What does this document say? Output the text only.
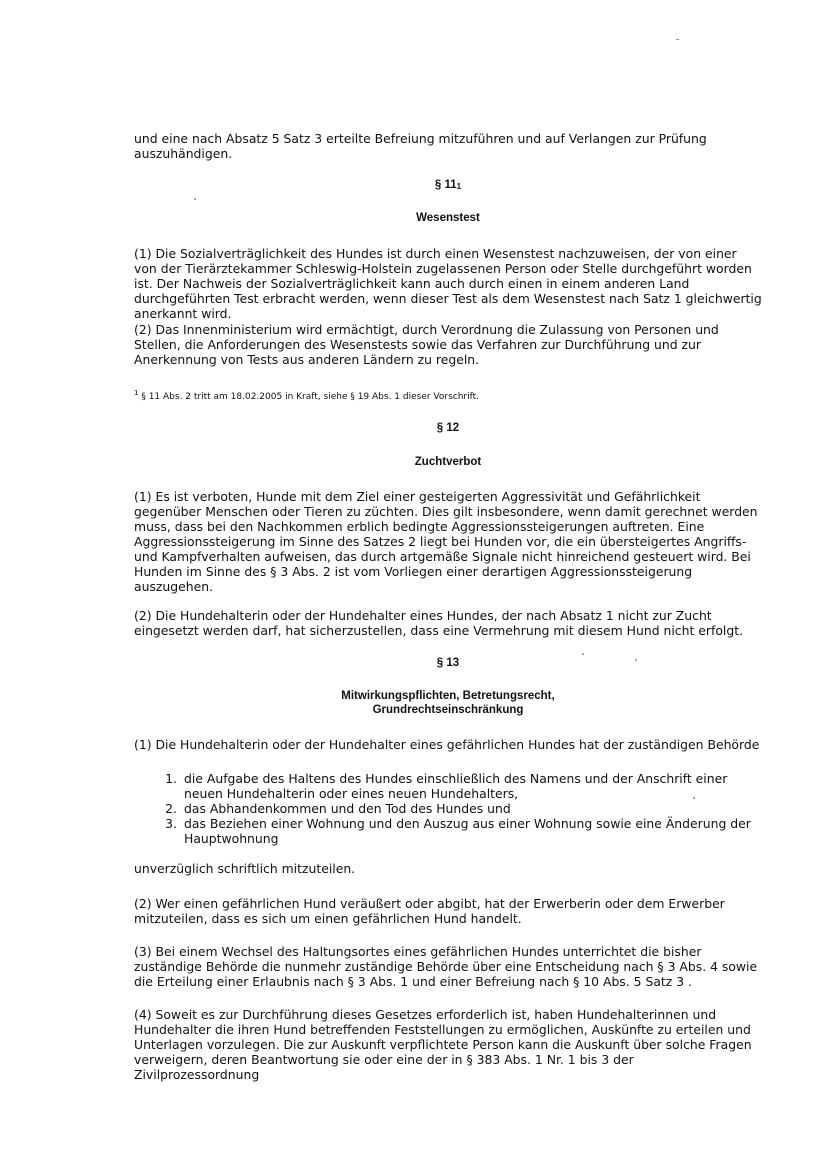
und eine nach Absatz 5 Satz 3 erteilte Befreiung mitzuführen und auf Verlangen zur Prüfung auszuhändigen.

§ 111
Wesenstest

(1) Die Sozialverträglichkeit des Hundes ist durch einen Wesenstest nachzuweisen, der von einer von der Tierärztekammer Schleswig-Holstein zugelassenen Person oder Stelle durchgeführt worden ist. Der Nachweis der Sozialverträglichkeit kann auch durch einen in einem anderen Land durchgeführten Test erbracht werden, wenn dieser Test als dem Wesenstest nach Satz 1 gleichwertig anerkannt wird.

(2) Das Innenministerium wird ermächtigt, durch Verordnung die Zulassung von Personen und Stellen, die Anforderungen des Wesenstests sowie das Verfahren zur Durchführung und zur Anerkennung von Tests aus anderen Ländern zu regeln.

$^1$ § 11 Abs. 2 tritt am 18.02.2005 in Kraft, siehe § 19 Abs. 1 dieser Vorschrift.
§ 12
Zuchtverbot

(1) Es ist verboten, Hunde mit dem Ziel einer gesteigerten Aggressivität und Gefährlichkeit gegenüber Menschen oder Tieren zu züchten. Dies gilt insbesondere, wenn damit gerechnet werden muss, dass bei den Nachkommen erblich bedingte Aggressionssteigerungen auftreten. Eine Aggressionssteigerung im Sinne des Satzes 2 liegt bei Hunden vor, die ein übersteigertes Angriffs- und Kampfverhalten aufweisen, das durch artgemäße Signale nicht hinreichend gesteuert wird. Bei Hunden im Sinne des § 3 Abs. 2 ist vom Vorliegen einer derartigen Aggressionssteigerung auszugehen.

(2) Die Hundehalterin oder der Hundehalter eines Hundes, der nach Absatz 1 nicht zur Zucht eingesetzt werden darf, hat sicherzustellen, dass eine Vermehrung mit diesem Hund nicht erfolgt.

§ 13
Mitwirkungspflichten, Betretungsrecht,
Grundrechtseinschränkung

(1) Die Hundehalterin oder der Hundehalter eines gefährlichen Hundes hat der zuständigen Behörde

1. die Aufgabe des Haltens des Hundes einschließlich des Namens und der Anschrift einer neuen Hundehalterin oder eines neuen Hundehalters,
2. das Abhandenkommen und den Tod des Hundes und
3. das Beziehen einer Wohnung und den Auszug aus einer Wohnung sowie eine Änderung der Hauptwohnung

unverzüglich schriftlich mitzuteilen.

(2) Wer einen gefährlichen Hund veräußert oder abgibt, hat der Erwerberin oder dem Erwerber mitzuteilen, dass es sich um einen gefährlichen Hund handelt.

(3) Bei einem Wechsel des Haltungsortes eines gefährlichen Hundes unterrichtet die bisher zuständige Behörde die nunmehr zuständige Behörde über eine Entscheidung nach § 3 Abs. 4 sowie die Erteilung einer Erlaubnis nach § 3 Abs. 1 und einer Befreiung nach § 10 Abs. 5 Satz 3 .

(4) Soweit es zur Durchführung dieses Gesetzes erforderlich ist, haben Hundehalterinnen und Hundehalter die ihren Hund betreffenden Feststellungen zu ermöglichen, Auskünfte zu erteilen und Unterlagen vorzulegen. Die zur Auskunft verpflichtete Person kann die Auskunft über solche Fragen verweigern, deren Beantwortung sie oder eine der in § 383 Abs. 1 Nr. 1 bis 3 der Zivilprozessordnung
